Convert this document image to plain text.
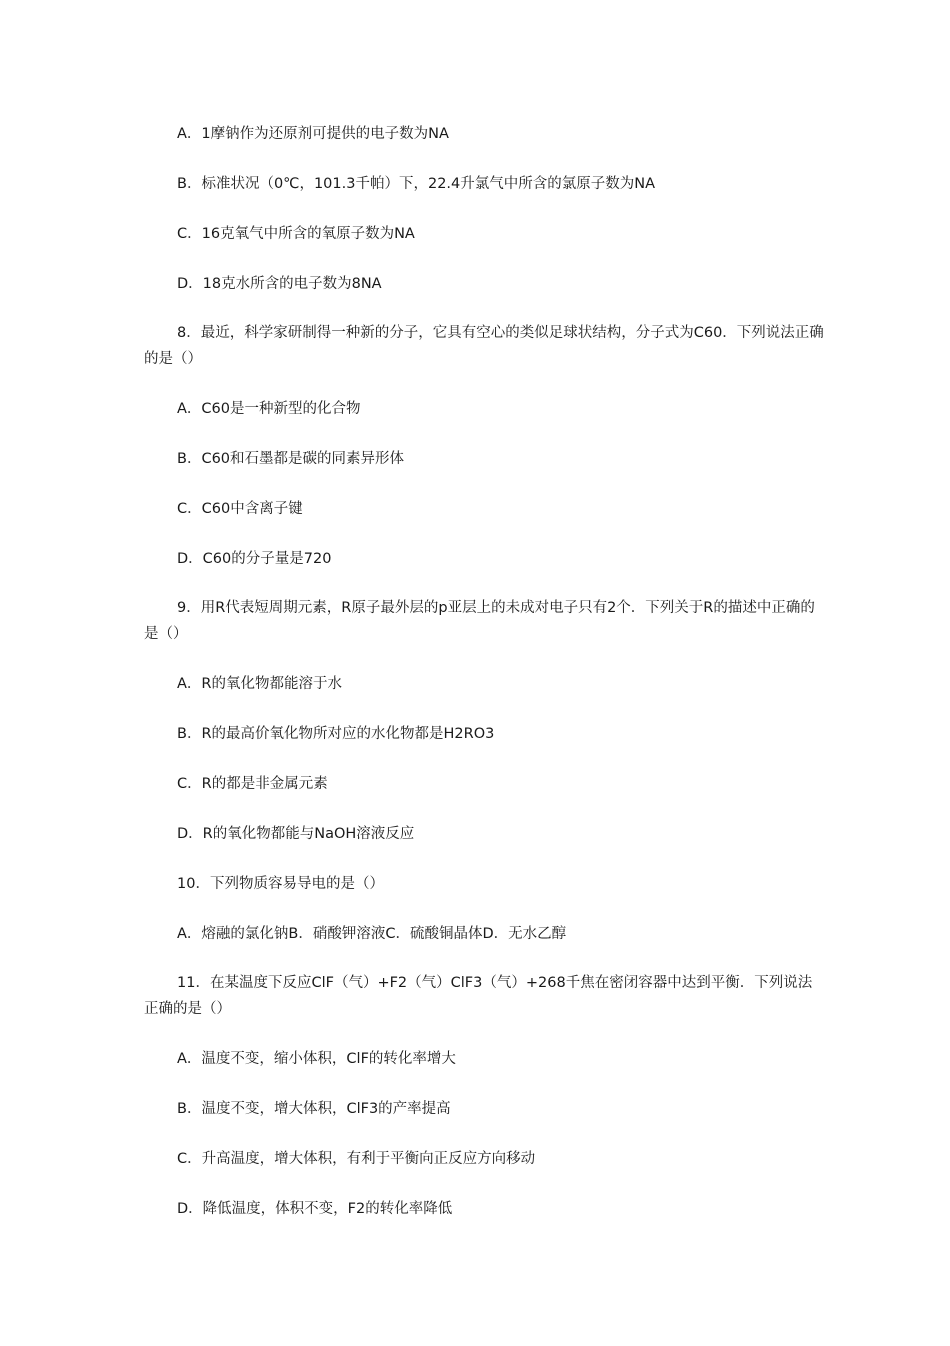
A．1摩钠作为还原剂可提供的电子数为NA
B．标准状况（0℃，101.3千帕）下，22.4升氯气中所含的氯原子数为NA
C．16克氧气中所含的氧原子数为NA
D．18克水所含的电子数为8NA
8．最近，科学家研制得一种新的分子，它具有空心的类似足球状结构，分子式为C60．下列说法正确的是（）
A．C60是一种新型的化合物
B．C60和石墨都是碳的同素异形体
C．C60中含离子键
D．C60的分子量是720
9．用R代表短周期元素，R原子最外层的p亚层上的未成对电子只有2个．下列关于R的描述中正确的是（）
A．R的氧化物都能溶于水
B．R的最高价氧化物所对应的水化物都是H2RO3
C．R的都是非金属元素
D．R的氧化物都能与NaOH溶液反应
10．下列物质容易导电的是（）
A．熔融的氯化钠B．硝酸钾溶液C．硫酸铜晶体D．无水乙醇
11．在某温度下反应ClF（气）+F2（气）ClF3（气）+268千焦在密闭容器中达到平衡．下列说法正确的是（）
A．温度不变，缩小体积，ClF的转化率增大
B．温度不变，增大体积，ClF3的产率提高
C．升高温度，增大体积，有利于平衡向正反应方向移动
D．降低温度，体积不变，F2的转化率降低
